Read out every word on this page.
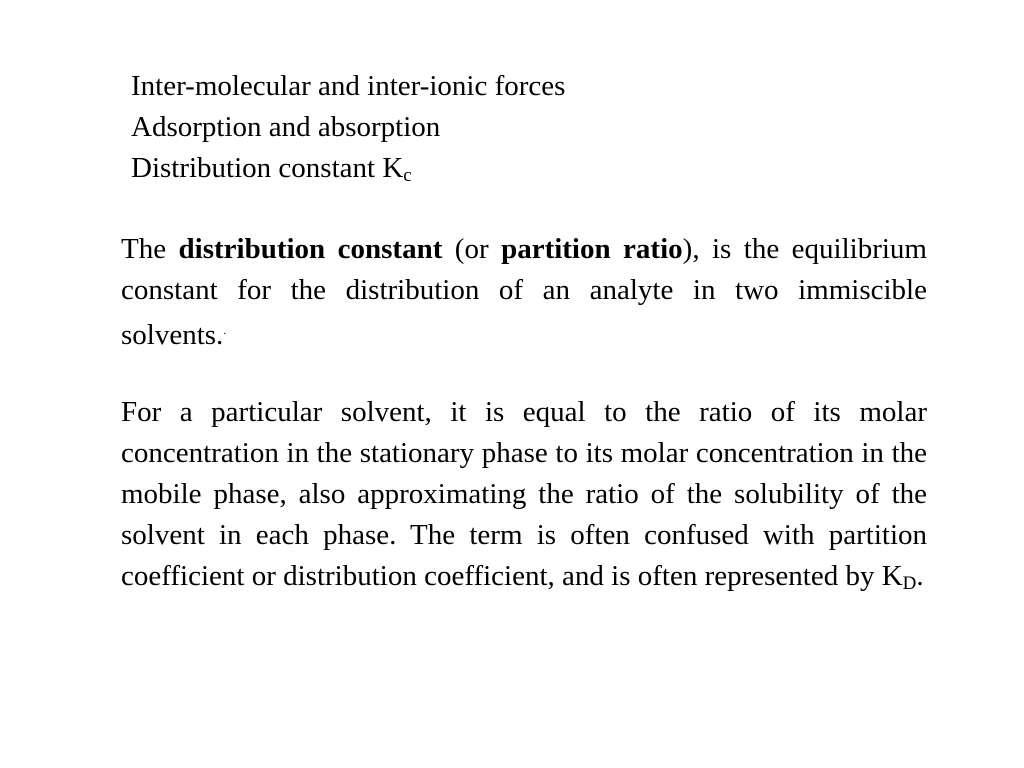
Inter-molecular and inter-ionic forces
Adsorption and absorption
Distribution constant $K_c$

The distribution constant (or partition ratio), is the equilibrium constant for the distribution of an analyte in two immiscible solvents..

For a particular solvent, it is equal to the ratio of its molar concentration in the stationary phase to its molar concentration in the mobile phase, also approximating the ratio of the solubility of the solvent in each phase. The term is often confused with partition coefficient or distribution coefficient, and is often represented by $K_D$.
